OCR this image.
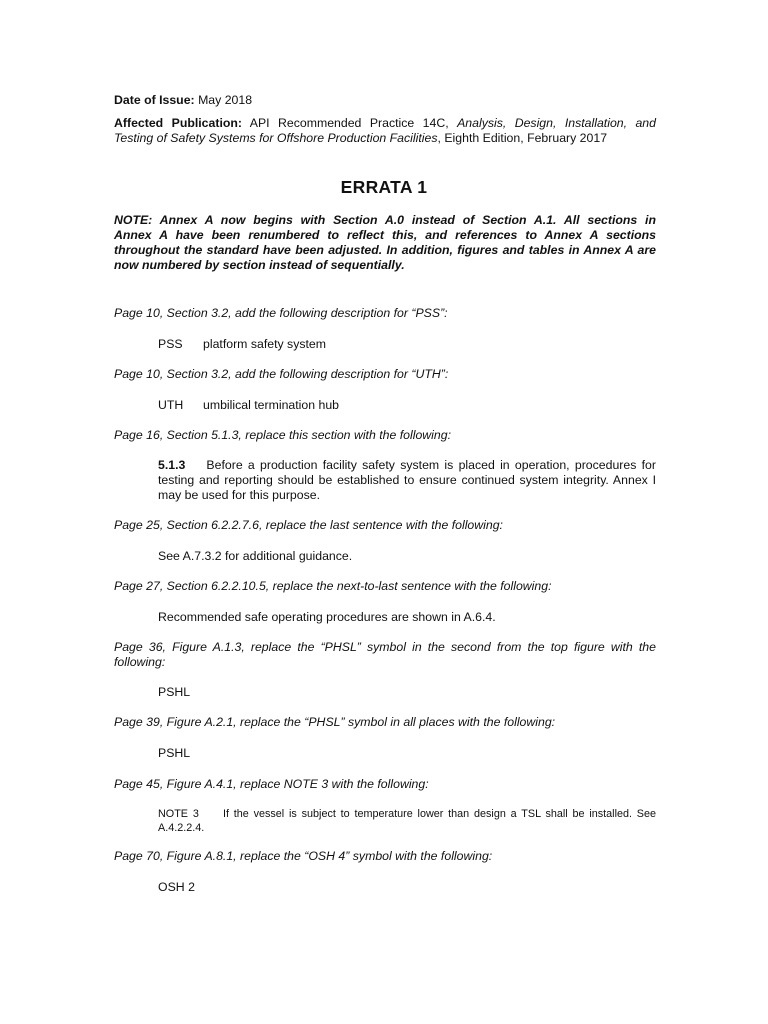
Date of Issue: May 2018
Affected Publication: API Recommended Practice 14C, Analysis, Design, Installation, and
Testing of Safety Systems for Offshore Production Facilities, Eighth Edition, February 2017
ERRATA 1
NOTE: Annex A now begins with Section A.0 instead of Section A.1. All sections in
Annex A have been renumbered to reflect this, and references to Annex A sections
throughout the standard have been adjusted. In addition, figures and tables in Annex A are
now numbered by section instead of sequentially.
Page 10, Section 3.2, add the following description for “PSS”:
PSS platform safety system
Page 10, Section 3.2, add the following description for “UTH”:
UTH umbilical termination hub
Page 16, Section 5.1.3, replace this section with the following:
5.1.3 Before a production facility safety system is placed in operation, procedures for
testing and reporting should be established to ensure continued system integrity. Annex I
may be used for this purpose.
Page 25, Section 6.2.2.7.6, replace the last sentence with the following:
See A.7.3.2 for additional guidance.
Page 27, Section 6.2.2.10.5, replace the next-to-last sentence with the following:
Recommended safe operating procedures are shown in A.6.4.
Page 36, Figure A.1.3, replace the “PHSL” symbol in the second from the top figure with the
following:
PSHL
Page 39, Figure A.2.1, replace the “PHSL” symbol in all places with the following:
PSHL
Page 45, Figure A.4.1, replace NOTE 3 with the following:
NOTE 3 If the vessel is subject to temperature lower than design a TSL shall be installed. See
A.4.2.2.4.
Page 70, Figure A.8.1, replace the “OSH 4” symbol with the following:
OSH 2
